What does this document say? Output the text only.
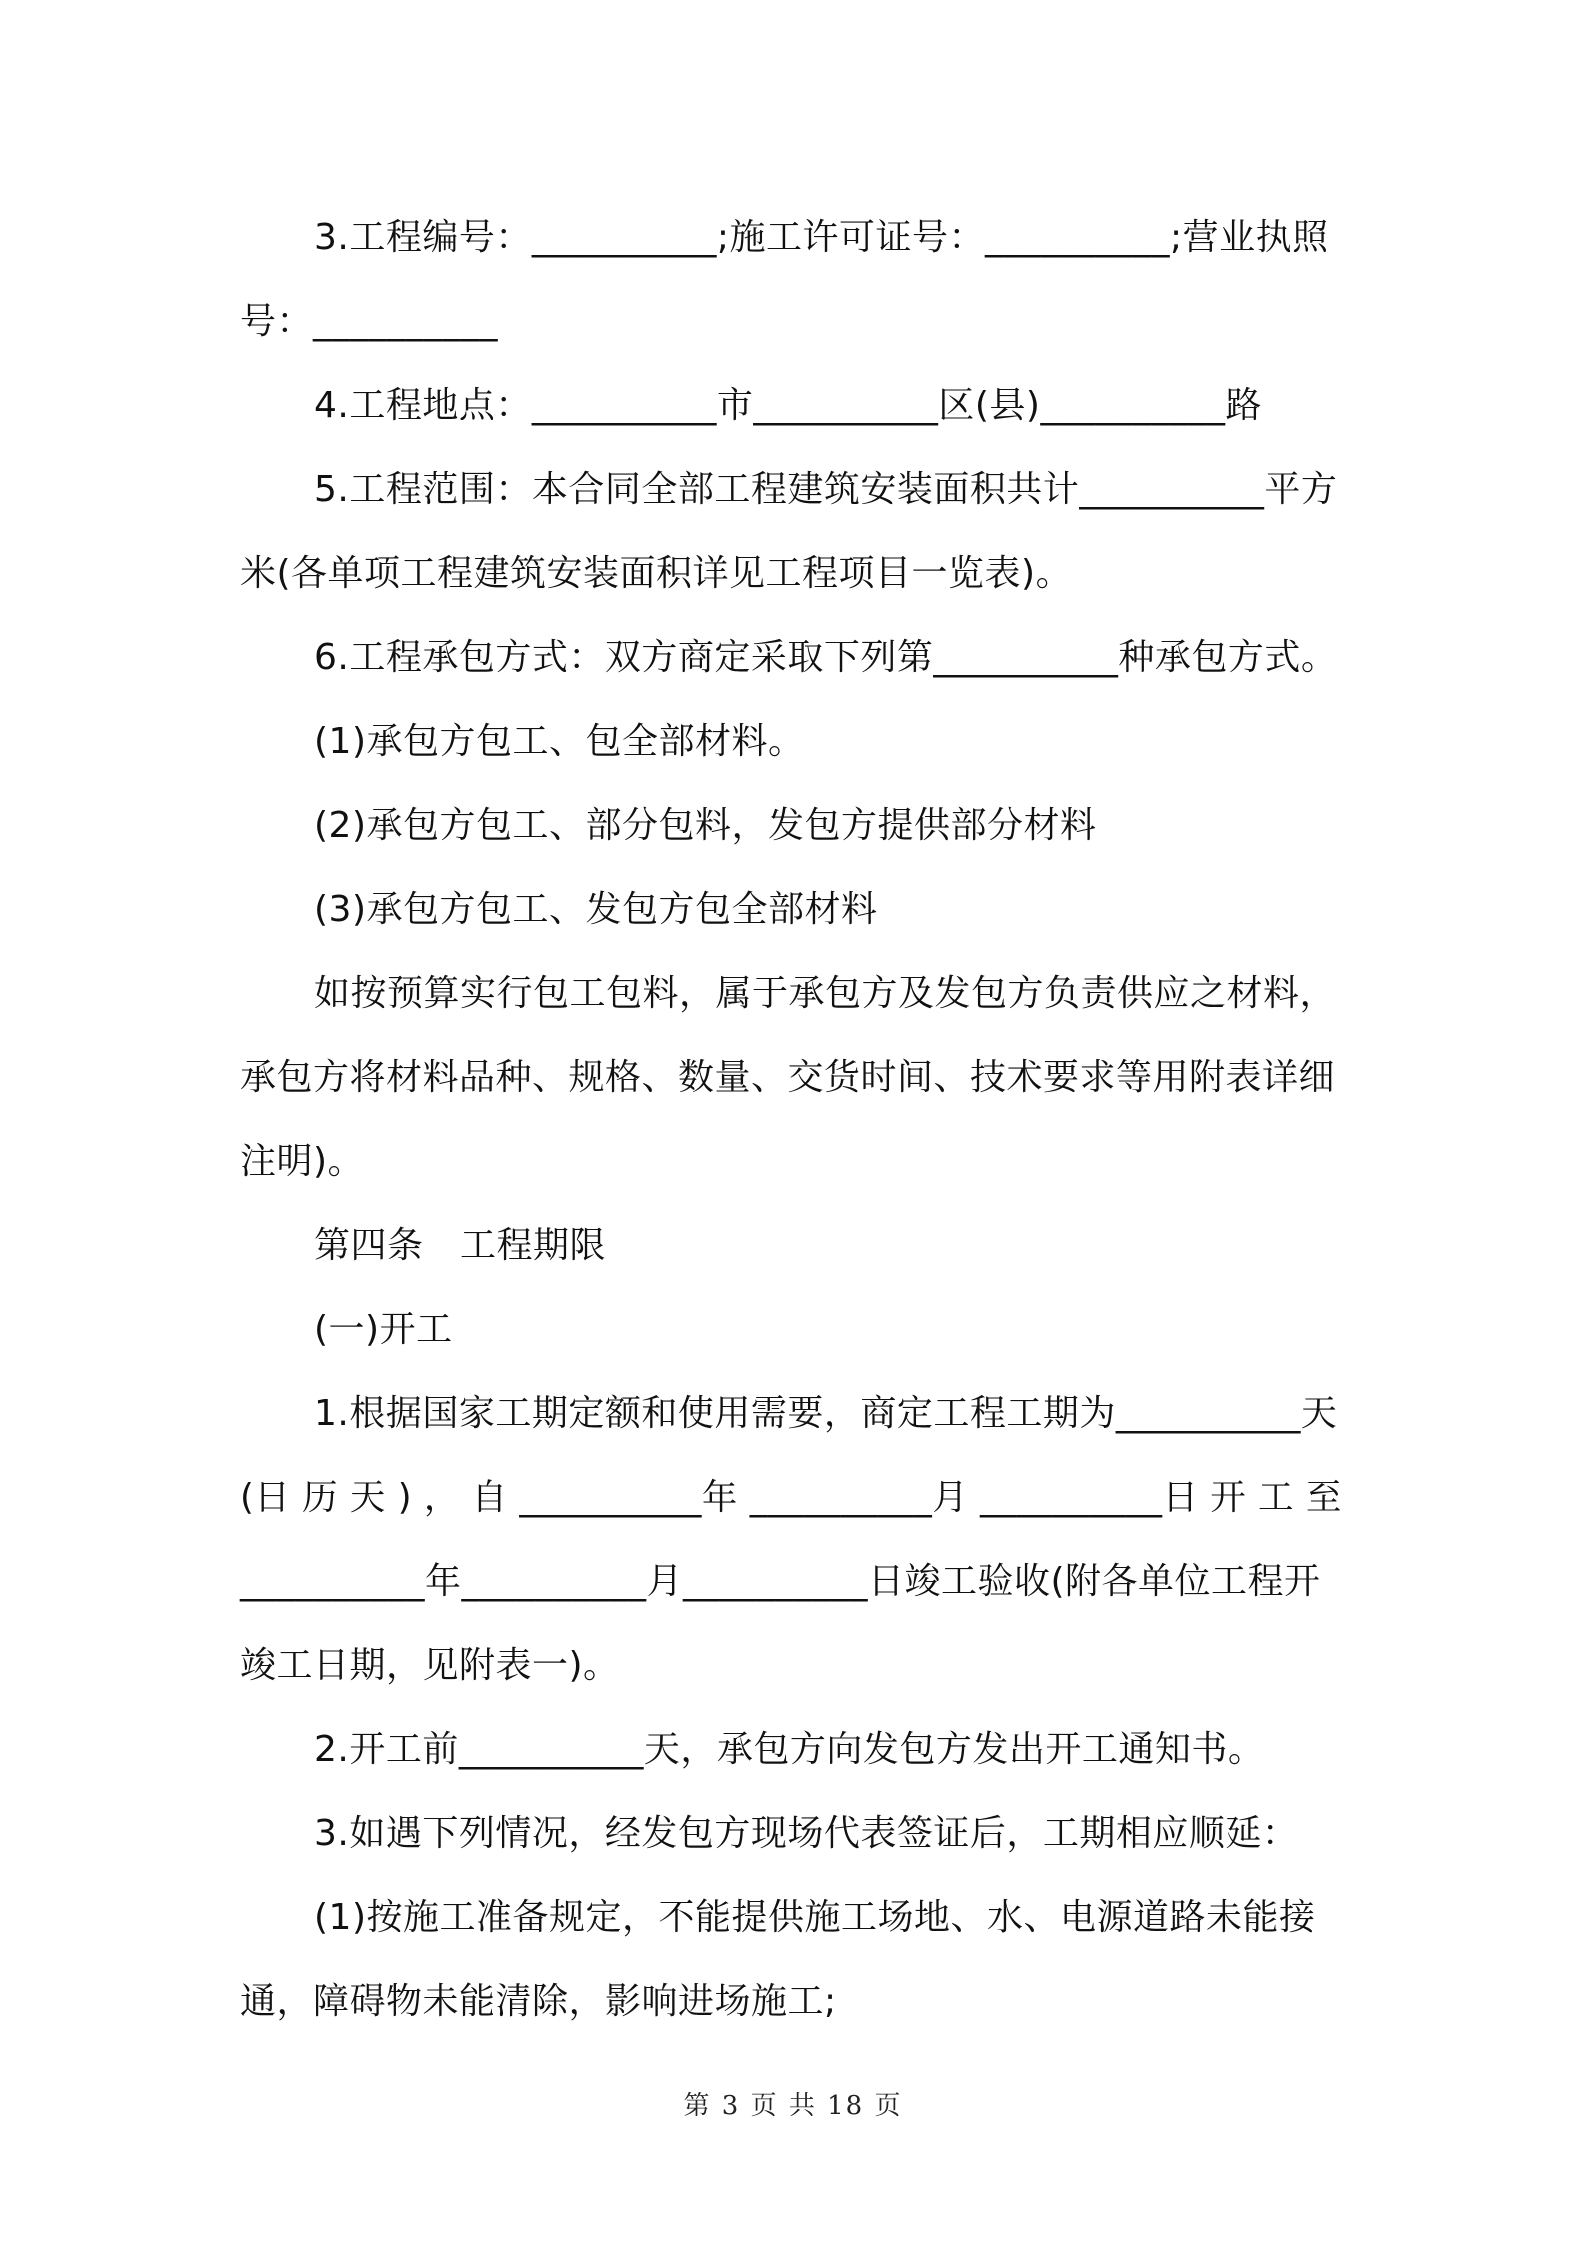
3.工程编号：__________;施工许可证号：__________;营业执照
号：__________
4.工程地点：__________市__________区(县)__________路
5.工程范围：本合同全部工程建筑安装面积共计__________平方
米(各单项工程建筑安装面积详见工程项目一览表)。
6.工程承包方式：双方商定采取下列第__________种承包方式。
(1)承包方包工、包全部材料。
(2)承包方包工、部分包料，发包方提供部分材料
(3)承包方包工、发包方包全部材料
如按预算实行包工包料，属于承包方及发包方负责供应之材料，
承包方将材料品种、规格、数量、交货时间、技术要求等用附表详细
注明)。
第四条　工程期限
(一)开工
1.根据国家工期定额和使用需要，商定工程工期为__________天
(日 历 天 ) ， 自 __________年 __________月 __________日 开 工 至
__________年__________月__________日竣工验收(附各单位工程开
竣工日期，见附表一)。
2.开工前__________天，承包方向发包方发出开工通知书。
3.如遇下列情况，经发包方现场代表签证后，工期相应顺延：
(1)按施工准备规定，不能提供施工场地、水、电源道路未能接
通，障碍物未能清除，影响进场施工;
第 3 页 共 18 页
